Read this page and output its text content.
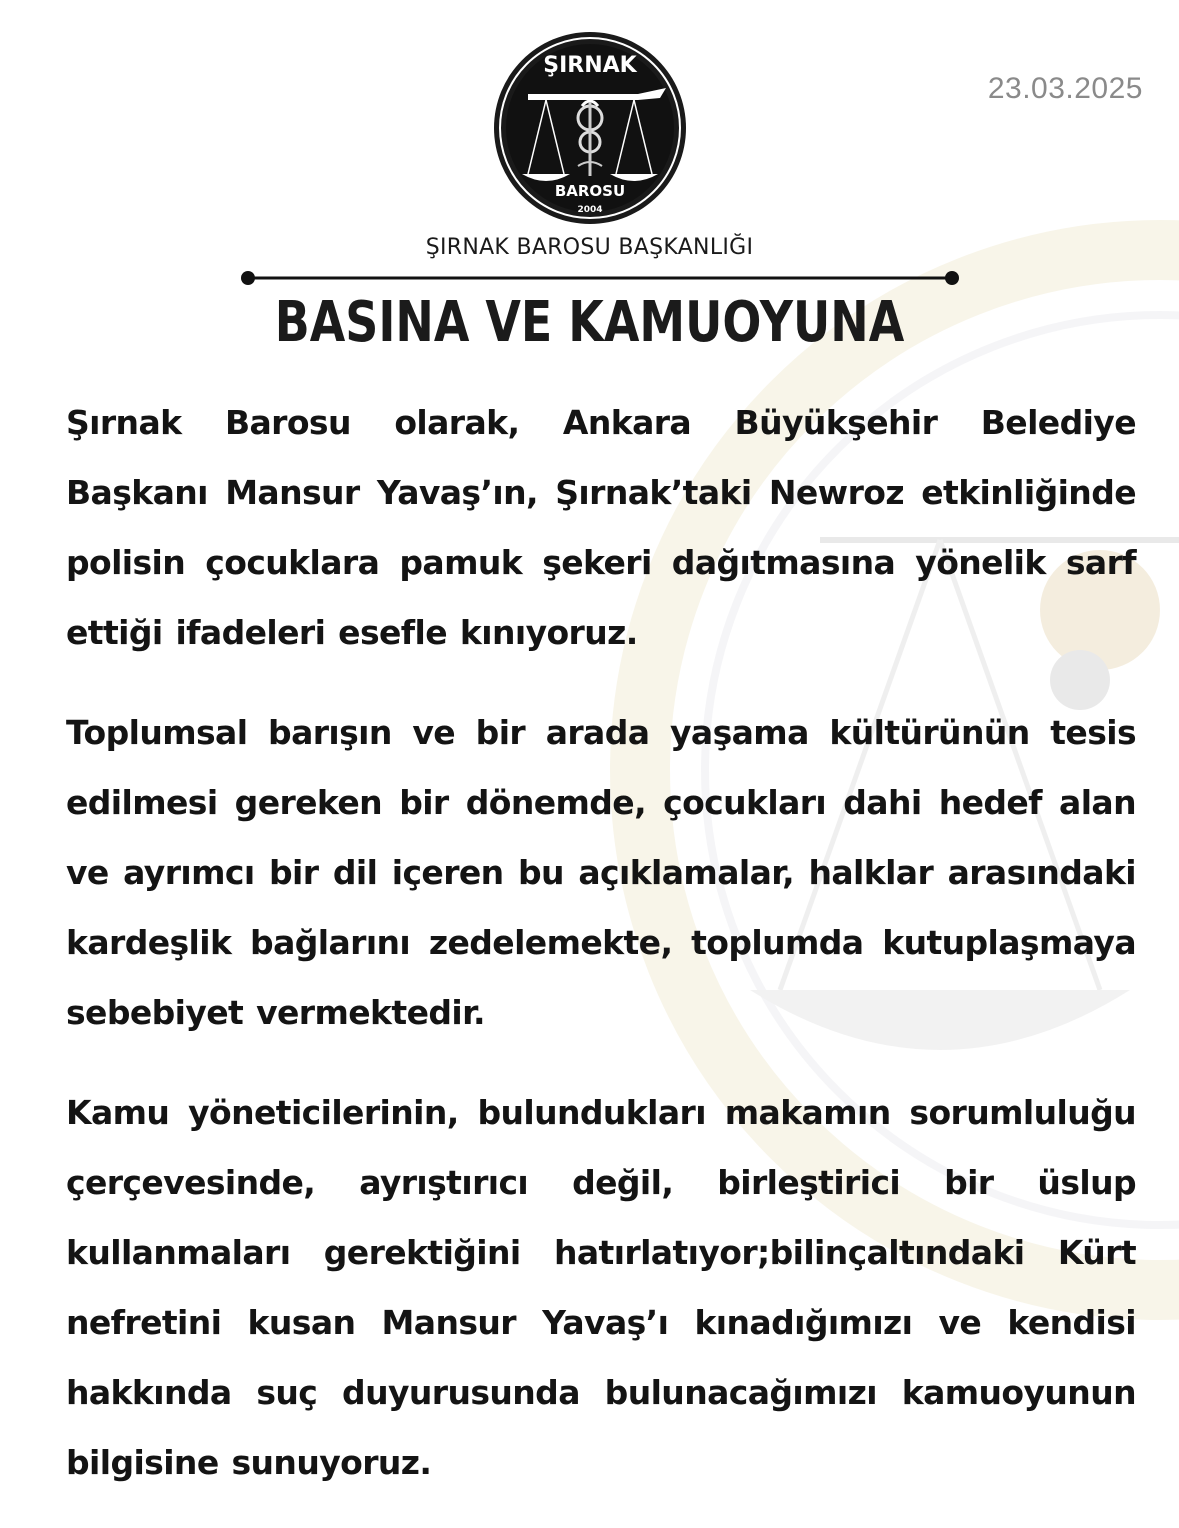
ŞIRNAK
BAROSU
2004
23.03.2025
ŞIRNAK BAROSU BAŞKANLIĞI
BASINA VE KAMUOYUNA

Şırnak Barosu olarak, Ankara Büyükşehir Belediye Başkanı Mansur Yavaş’ın, Şırnak’taki Newroz etkinliğinde polisin çocuklara pamuk şekeri dağıtmasına yönelik sarf ettiği ifadeleri esefle kınıyoruz.

Toplumsal barışın ve bir arada yaşama kültürünün tesis edilmesi gereken bir dönemde, çocukları dahi hedef alan ve ayrımcı bir dil içeren bu açıklamalar, halklar arasındaki kardeşlik bağlarını zedelemekte, toplumda kutuplaşmaya sebebiyet vermektedir.

Kamu yöneticilerinin, bulundukları makamın sorumluluğu çerçevesinde, ayrıştırıcı değil, birleştirici bir üslup kullanmaları gerektiğini hatırlatıyor;bilinçaltındaki Kürt nefretini kusan Mansur Yavaş’ı kınadığımızı ve kendisi hakkında suç duyurusunda bulunacağımızı kamuoyunun bilgisine sunuyoruz.
